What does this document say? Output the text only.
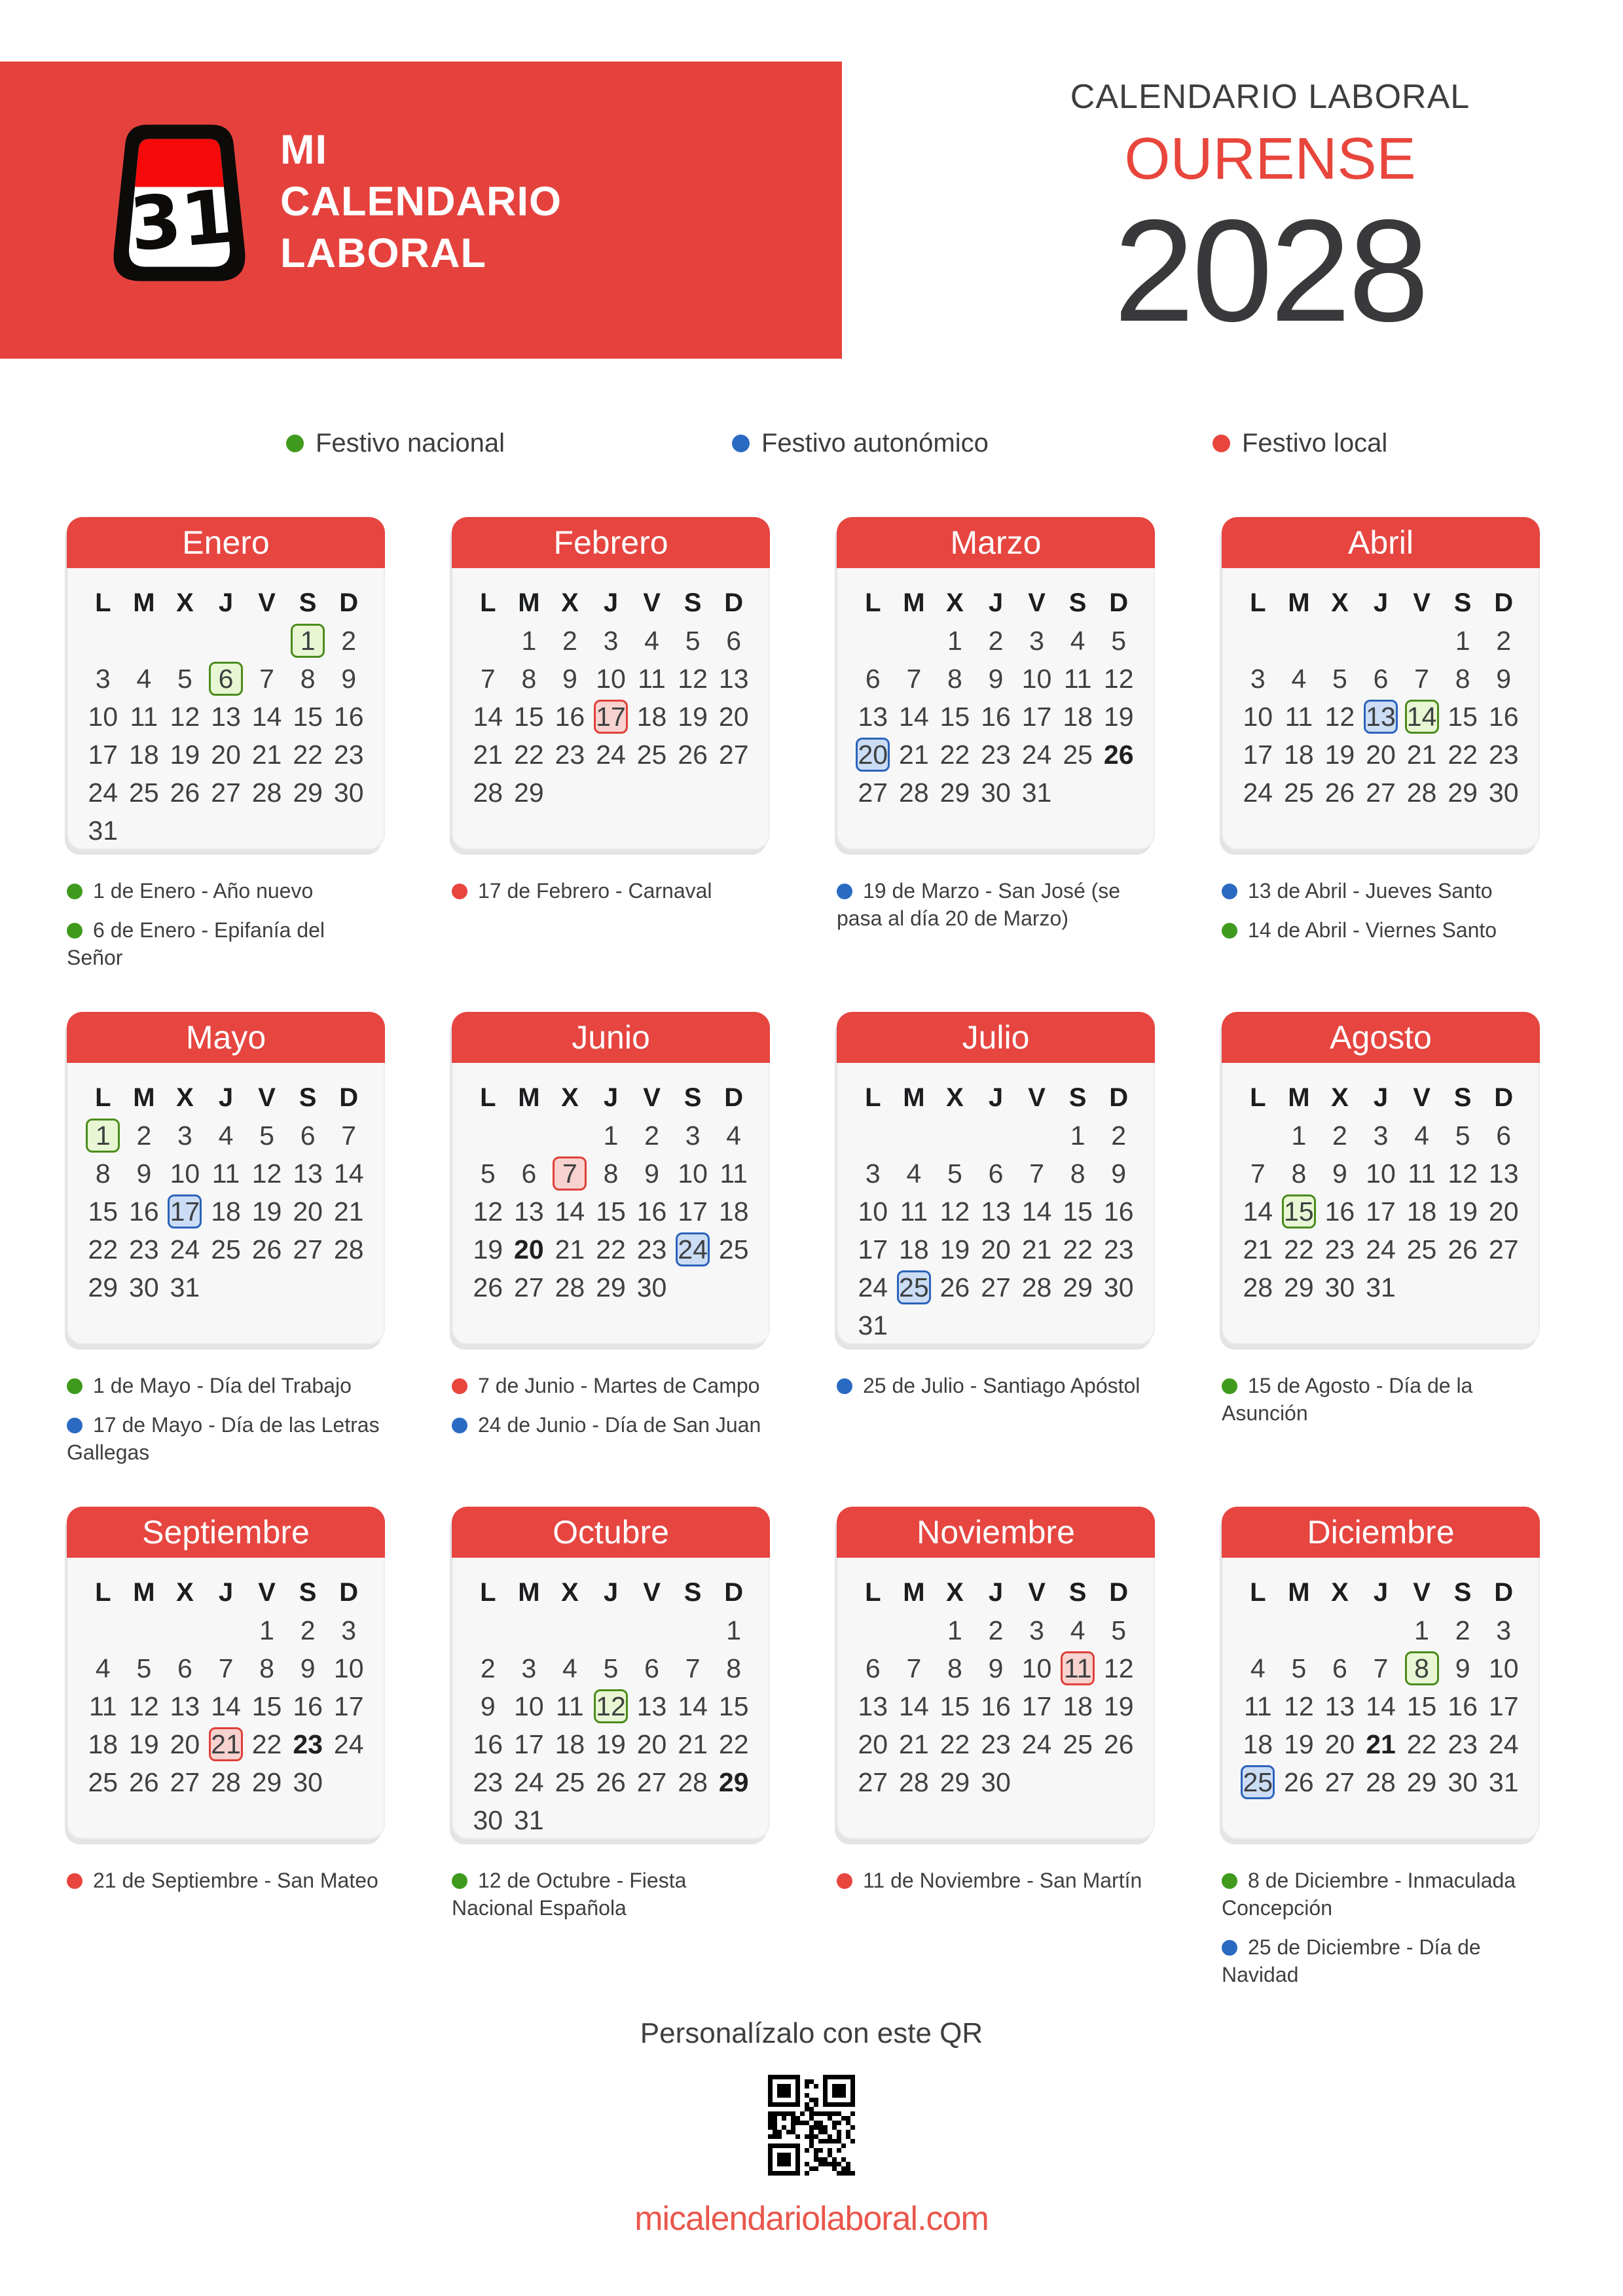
31
MI
CALENDARIO
LABORAL
CALENDARIO LABORAL
OURENSE
2028
Festivo nacional	Festivo autonómico	Festivo local
Enero
L M X J V S D
1 2
3 4 5 6 7 8 9
10 11 12 13 14 15 16
17 18 19 20 21 22 23
24 25 26 27 28 29 30
31
1 de Enero - Año nuevo
6 de Enero - Epifanía del Señor
Febrero
L M X J V S D
1 2 3 4 5 6
7 8 9 10 11 12 13
14 15 16 17 18 19 20
21 22 23 24 25 26 27
28 29
17 de Febrero - Carnaval
Marzo
L M X J V S D
1 2 3 4 5
6 7 8 9 10 11 12
13 14 15 16 17 18 19
20 21 22 23 24 25 26
27 28 29 30 31
19 de Marzo - San José (se pasa al día 20 de Marzo)
Abril
L M X J V S D
1 2
3 4 5 6 7 8 9
10 11 12 13 14 15 16
17 18 19 20 21 22 23
24 25 26 27 28 29 30
13 de Abril - Jueves Santo
14 de Abril - Viernes Santo
Mayo
L M X J V S D
1 2 3 4 5 6 7
8 9 10 11 12 13 14
15 16 17 18 19 20 21
22 23 24 25 26 27 28
29 30 31
1 de Mayo - Día del Trabajo
17 de Mayo - Día de las Letras Gallegas
Junio
L M X J V S D
1 2 3 4
5 6 7 8 9 10 11
12 13 14 15 16 17 18
19 20 21 22 23 24 25
26 27 28 29 30
7 de Junio - Martes de Campo
24 de Junio - Día de San Juan
Julio
L M X J V S D
1 2
3 4 5 6 7 8 9
10 11 12 13 14 15 16
17 18 19 20 21 22 23
24 25 26 27 28 29 30
31
25 de Julio - Santiago Apóstol
Agosto
L M X J V S D
1 2 3 4 5 6
7 8 9 10 11 12 13
14 15 16 17 18 19 20
21 22 23 24 25 26 27
28 29 30 31
15 de Agosto - Día de la Asunción
Septiembre
L M X J V S D
1 2 3
4 5 6 7 8 9 10
11 12 13 14 15 16 17
18 19 20 21 22 23 24
25 26 27 28 29 30
21 de Septiembre - San Mateo
Octubre
L M X J V S D
1
2 3 4 5 6 7 8
9 10 11 12 13 14 15
16 17 18 19 20 21 22
23 24 25 26 27 28 29
30 31
12 de Octubre - Fiesta Nacional Española
Noviembre
L M X J V S D
1 2 3 4 5
6 7 8 9 10 11 12
13 14 15 16 17 18 19
20 21 22 23 24 25 26
27 28 29 30
11 de Noviembre - San Martín
Diciembre
L M X J V S D
1 2 3
4 5 6 7 8 9 10
11 12 13 14 15 16 17
18 19 20 21 22 23 24
25 26 27 28 29 30 31
8 de Diciembre - Inmaculada Concepción
25 de Diciembre - Día de Navidad
Personalízalo con este QR
micalendariolaboral.com
